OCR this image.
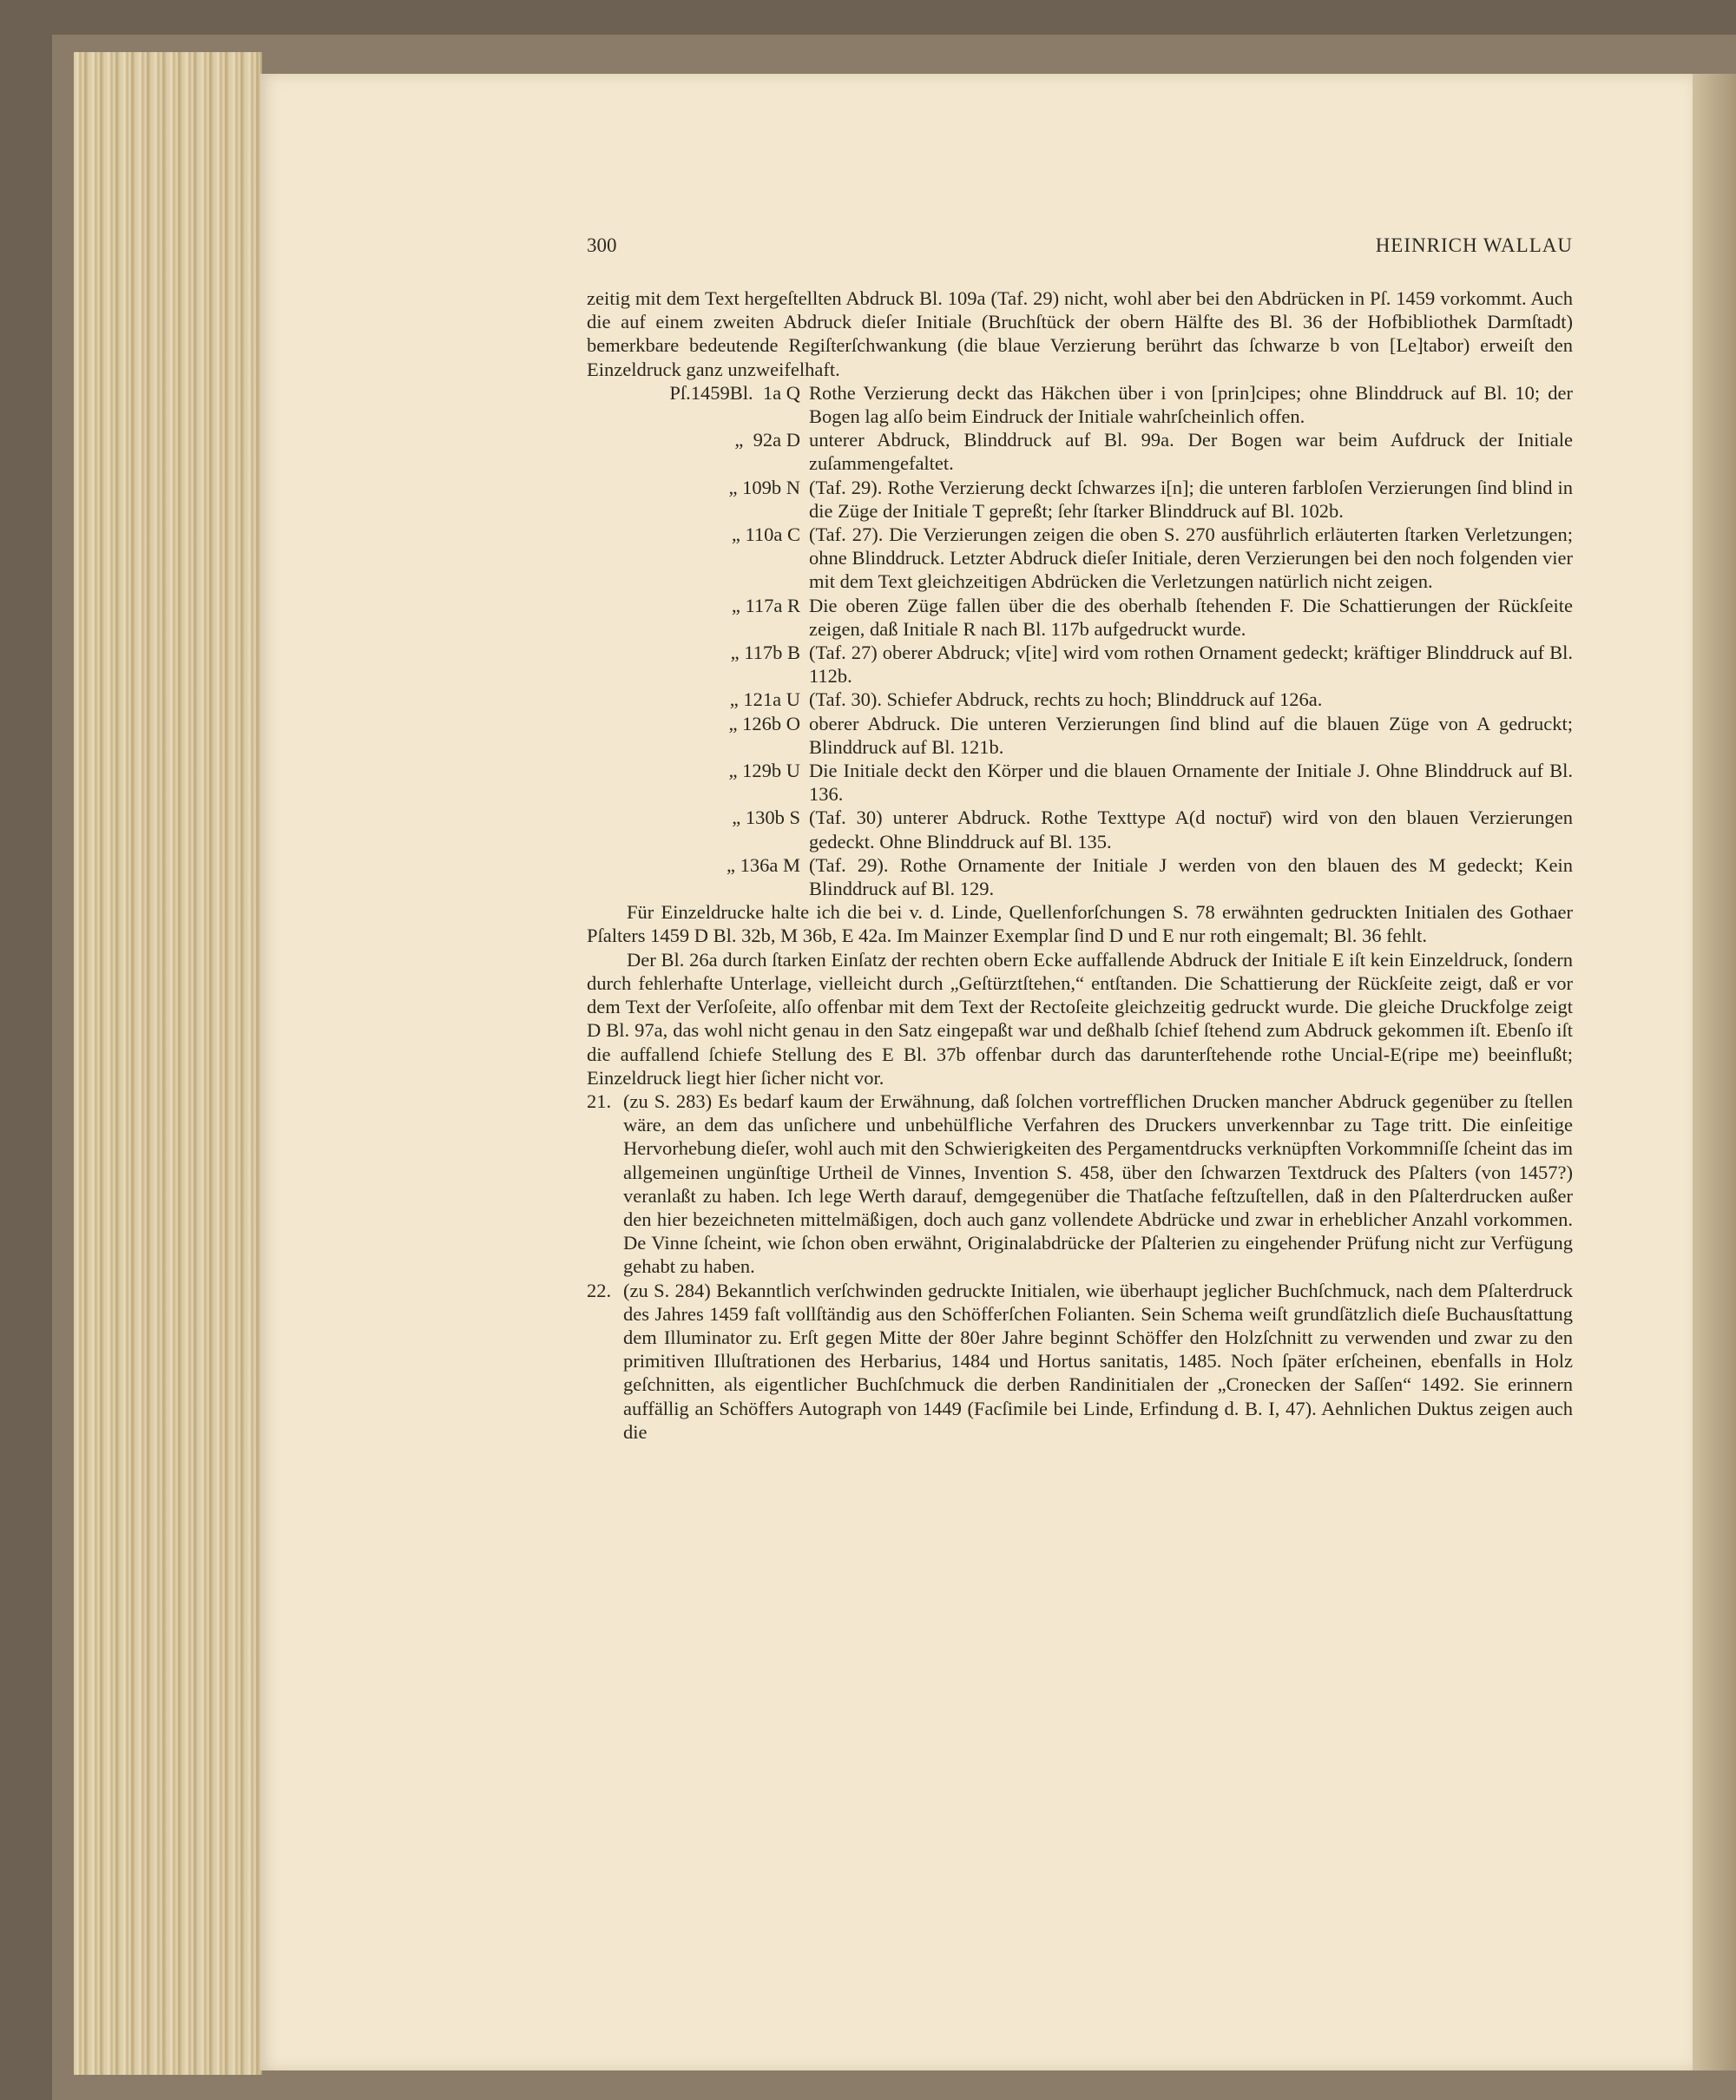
300	HEINRICH WALLAU

zeitig mit dem Text hergeſtellten Abdruck Bl. 109a (Taf. 29) nicht, wohl aber bei den Abdrücken in Pſ. 1459 vorkommt. Auch die auf einem zweiten Abdruck dieſer Initiale (Bruchſtück der obern Hälfte des Bl. 36 der Hofbibliothek Darmſtadt) bemerkbare bedeutende Regiſterſchwankung (die blaue Verzierung berührt das ſchwarze b von [Le]tabor) erweiſt den Einzeldruck ganz unzweifelhaft.

Pſ.1459Bl.  1a Q Rothe Verzierung deckt das Häkchen über i von [prin]cipes; ohne Blinddruck auf Bl. 10; der Bogen lag alſo beim Eindruck der Initiale wahrſcheinlich offen.
„  92a D unterer Abdruck, Blinddruck auf Bl. 99a. Der Bogen war beim Aufdruck der Initiale zuſammengefaltet.
„ 109b N (Taf. 29). Rothe Verzierung deckt ſchwarzes i[n]; die unteren farbloſen Verzierungen ſind blind in die Züge der Initiale T gepreßt; ſehr ſtarker Blinddruck auf Bl. 102b.
„ 110a C (Taf. 27). Die Verzierungen zeigen die oben S. 270 ausführlich erläuterten ſtarken Verletzungen; ohne Blinddruck. Letzter Abdruck dieſer Initiale, deren Verzierungen bei den noch folgenden vier mit dem Text gleichzeitigen Abdrücken die Verletzungen natürlich nicht zeigen.
„ 117a R Die oberen Züge fallen über die des oberhalb ſtehenden F. Die Schattierungen der Rückſeite zeigen, daß Initiale R nach Bl. 117b aufgedruckt wurde.
„ 117b B (Taf. 27) oberer Abdruck; v[ite] wird vom rothen Ornament gedeckt; kräftiger Blinddruck auf Bl. 112b.
„ 121a U (Taf. 30). Schiefer Abdruck, rechts zu hoch; Blinddruck auf 126a.
„ 126b O oberer Abdruck. Die unteren Verzierungen ſind blind auf die blauen Züge von A gedruckt; Blinddruck auf Bl. 121b.
„ 129b U Die Initiale deckt den Körper und die blauen Ornamente der Initiale J. Ohne Blinddruck auf Bl. 136.
„ 130b S (Taf. 30) unterer Abdruck. Rothe Texttype A(d noctur̄) wird von den blauen Verzierungen gedeckt. Ohne Blinddruck auf Bl. 135.
„ 136a M (Taf. 29). Rothe Ornamente der Initiale J werden von den blauen des M gedeckt; Kein Blinddruck auf Bl. 129.

Für Einzeldrucke halte ich die bei v. d. Linde, Quellenforſchungen S. 78 erwähnten gedruckten Initialen des Gothaer Pſalters 1459 D Bl. 32b, M 36b, E 42a. Im Mainzer Exemplar ſind D und E nur roth eingemalt; Bl. 36 fehlt.

Der Bl. 26a durch ſtarken Einſatz der rechten obern Ecke auffallende Abdruck der Initiale E iſt kein Einzeldruck, ſondern durch fehlerhafte Unterlage, vielleicht durch „Geſtürztſtehen,“ entſtanden. Die Schattierung der Rückſeite zeigt, daß er vor dem Text der Verſoſeite, alſo offenbar mit dem Text der Rectoſeite gleichzeitig gedruckt wurde. Die gleiche Druckfolge zeigt D Bl. 97a, das wohl nicht genau in den Satz eingepaßt war und deßhalb ſchief ſtehend zum Abdruck gekommen iſt. Ebenſo iſt die auffallend ſchiefe Stellung des E Bl. 37b offenbar durch das darunterſtehende rothe Uncial-E(ripe me) beeinflußt; Einzeldruck liegt hier ſicher nicht vor.

21. (zu S. 283) Es bedarf kaum der Erwähnung, daß ſolchen vortrefflichen Drucken mancher Abdruck gegenüber zu ſtellen wäre, an dem das unſichere und unbehülfliche Verfahren des Druckers unverkennbar zu Tage tritt. Die einſeitige Hervorhebung dieſer, wohl auch mit den Schwierigkeiten des Pergamentdrucks verknüpften Vorkommniſſe ſcheint das im allgemeinen ungünſtige Urtheil de Vinnes, Invention S. 458, über den ſchwarzen Textdruck des Pſalters (von 1457?) veranlaßt zu haben. Ich lege Werth darauf, demgegenüber die Thatſache feſtzuſtellen, daß in den Pſalterdrucken außer den hier bezeichneten mittelmäßigen, doch auch ganz vollendete Abdrücke und zwar in erheblicher Anzahl vorkommen. De Vinne ſcheint, wie ſchon oben erwähnt, Originalabdrücke der Pſalterien zu eingehender Prüfung nicht zur Verfügung gehabt zu haben.
22. (zu S. 284) Bekanntlich verſchwinden gedruckte Initialen, wie überhaupt jeglicher Buchſchmuck, nach dem Pſalterdruck des Jahres 1459 faſt vollſtändig aus den Schöfferſchen Folianten. Sein Schema weiſt grundſätzlich dieſe Buchausſtattung dem Illuminator zu. Erſt gegen Mitte der 80er Jahre beginnt Schöffer den Holzſchnitt zu verwenden und zwar zu den primitiven Illuſtrationen des Herbarius, 1484 und Hortus sanitatis, 1485. Noch ſpäter erſcheinen, ebenfalls in Holz geſchnitten, als eigentlicher Buchſchmuck die derben Randinitialen der „Cronecken der Saſſen“ 1492. Sie erinnern auffällig an Schöffers Autograph von 1449 (Facſimile bei Linde, Erfindung d. B. I, 47). Aehnlichen Duktus zeigen auch die
